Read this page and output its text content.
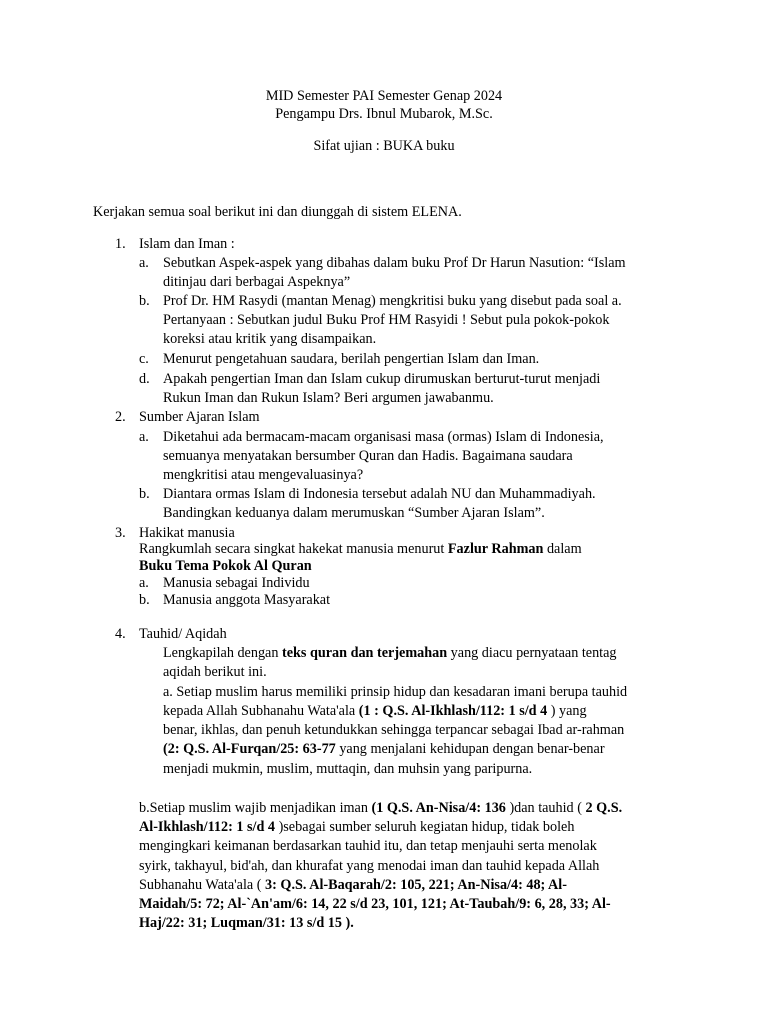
MID Semester PAI Semester Genap 2024
Pengampu Drs. Ibnul Mubarok, M.Sc.
Sifat ujian : BUKA buku
Kerjakan semua soal berikut ini dan diunggah di sistem ELENA.
1. Islam dan Iman :
a. Sebutkan Aspek-aspek yang dibahas dalam buku Prof Dr Harun Nasution: “Islam
ditinjau dari berbagai Aspeknya”
b. Prof Dr. HM Rasydi (mantan Menag) mengkritisi buku yang disebut pada soal a.
Pertanyaan : Sebutkan judul Buku Prof HM Rasyidi ! Sebut pula pokok-pokok
koreksi atau kritik yang disampaikan.
c. Menurut pengetahuan saudara, berilah pengertian Islam dan Iman.
d. Apakah pengertian Iman dan Islam cukup dirumuskan berturut-turut menjadi
Rukun Iman dan Rukun Islam? Beri argumen jawabanmu.
2. Sumber Ajaran Islam
a. Diketahui ada bermacam-macam organisasi masa (ormas) Islam di Indonesia,
semuanya menyatakan bersumber Quran dan Hadis. Bagaimana saudara
mengkritisi atau mengevaluasinya?
b. Diantara ormas Islam di Indonesia tersebut adalah NU dan Muhammadiyah.
Bandingkan keduanya dalam merumuskan “Sumber Ajaran Islam”.
3. Hakikat manusia
Rangkumlah secara singkat hakekat manusia menurut Fazlur Rahman dalam
Buku Tema Pokok Al Quran
a. Manusia sebagai Individu
b. Manusia anggota Masyarakat
4. Tauhid/ Aqidah
Lengkapilah dengan teks quran dan terjemahan yang diacu pernyataan tentag
aqidah berikut ini.
a. Setiap muslim harus memiliki prinsip hidup dan kesadaran imani berupa tauhid
kepada Allah Subhanahu Wata'ala (1 : Q.S. Al-Ikhlash/112: 1 s/d 4 ) yang
benar, ikhlas, dan penuh ketundukkan sehingga terpancar sebagai Ibad ar-rahman
(2: Q.S. Al-Furqan/25: 63-77 yang menjalani kehidupan dengan benar-benar
menjadi mukmin, muslim, muttaqin, dan muhsin yang paripurna.
b.Setiap muslim wajib menjadikan iman (1 Q.S. An-Nisa/4: 136 )dan tauhid ( 2 Q.S.
Al-Ikhlash/112: 1 s/d 4 )sebagai sumber seluruh kegiatan hidup, tidak boleh
mengingkari keimanan berdasarkan tauhid itu, dan tetap menjauhi serta menolak
syirk, takhayul, bid'ah, dan khurafat yang menodai iman dan tauhid kepada Allah
Subhanahu Wata'ala ( 3: Q.S. Al-Baqarah/2: 105, 221; An-Nisa/4: 48; Al-
Maidah/5: 72; Al-`An'am/6: 14, 22 s/d 23, 101, 121; At-Taubah/9: 6, 28, 33; Al-
Haj/22: 31; Luqman/31: 13 s/d 15 ).
